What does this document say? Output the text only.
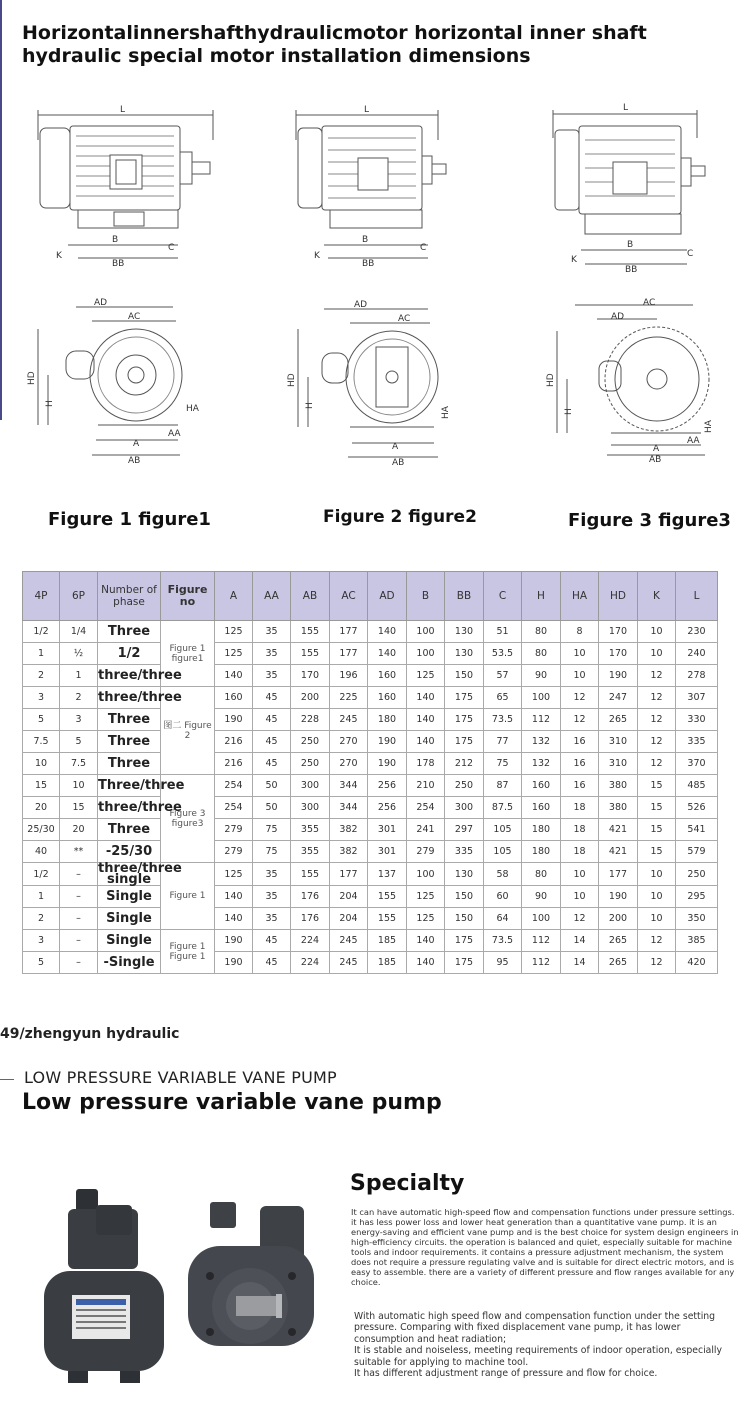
Horizontalinnershafthydraulicmotor horizontal inner shaft hydraulic special motor installation dimensions
L
B
BB
C
K
L
B
BB
C
K
L
B
BB
C
K
AD
AC
HD
H
HA
A
AA
AB
AD
AC
HD
H
HA
A
AB
AC
AD
HD
H
HA
A
AA
AB
Figure 1 figure1	Figure 2 figure2	Figure 3 figure3
4P	6P	Number of phase	Figure no	A	AA	AB	AC	AD	B	BB	C	H	HA	HD	K	L
1/2	1/4	Three	Figure 1 figure1	125	35	155	177	140	100	130	51	80	8	170	10	230
1	½	1/2		125	35	155	177	140	100	130	53.5	80	10	170	10	240
2	1	three/three		140	35	170	196	160	125	150	57	90	10	190	12	278
3	2	three/three	图二 Figure 2	160	45	200	225	160	140	175	65	100	12	247	12	307
5	3	Three		190	45	228	245	180	140	175	73.5	112	12	265	12	330
7.5	5	Three		216	45	250	270	190	140	175	77	132	16	310	12	335
10	7.5	Three		216	45	250	270	190	178	212	75	132	16	310	12	370
15	10	Three/three	Figure 3 figure3	254	50	300	344	256	210	250	87	160	16	380	15	485
20	15	three/three		254	50	300	344	256	254	300	87.5	160	18	380	15	526
25/30	20	Three		279	75	355	382	301	241	297	105	180	18	421	15	541
40	**	-25/30		279	75	355	382	301	279	335	105	180	18	421	15	579
1/2	–	three/three single	Figure 1	125	35	155	177	137	100	130	58	80	10	177	10	250
1	–	Single		140	35	176	204	155	125	150	60	90	10	190	10	295
2	–	Single		140	35	176	204	155	125	150	64	100	12	200	10	350
3	–	Single	Figure 1 Figure 1	190	45	224	245	185	140	175	73.5	112	14	265	12	385
5	–	-Single		190	45	224	245	185	140	175	95	112	14	265	12	420
49/zhengyun hydraulic
LOW PRESSURE VARIABLE VANE PUMP
Low pressure variable vane pump
Specialty
It can have automatic high-speed flow and compensation functions under pressure settings. it has less power loss and lower heat generation than a quantitative vane pump. it is an energy-saving and efficient vane pump and is the best choice for system design engineers in high-efficiency circuits. the operation is balanced and quiet, especially suitable for machine tools and indoor requirements. it contains a pressure adjustment mechanism, the system does not require a pressure regulating valve and is suitable for direct electric motors, and is easy to assemble. there are a variety of different pressure and flow ranges available for any choice.
With automatic high speed flow and compensation function under the setting pressure. Comparing with fixed displacement vane pump, it has lower consumption and heat radiation;
It is stable and noiseless, meeting requirements of indoor operation, especially suitable for applying to machine tool.
It has different adjustment range of pressure and flow for choice.
